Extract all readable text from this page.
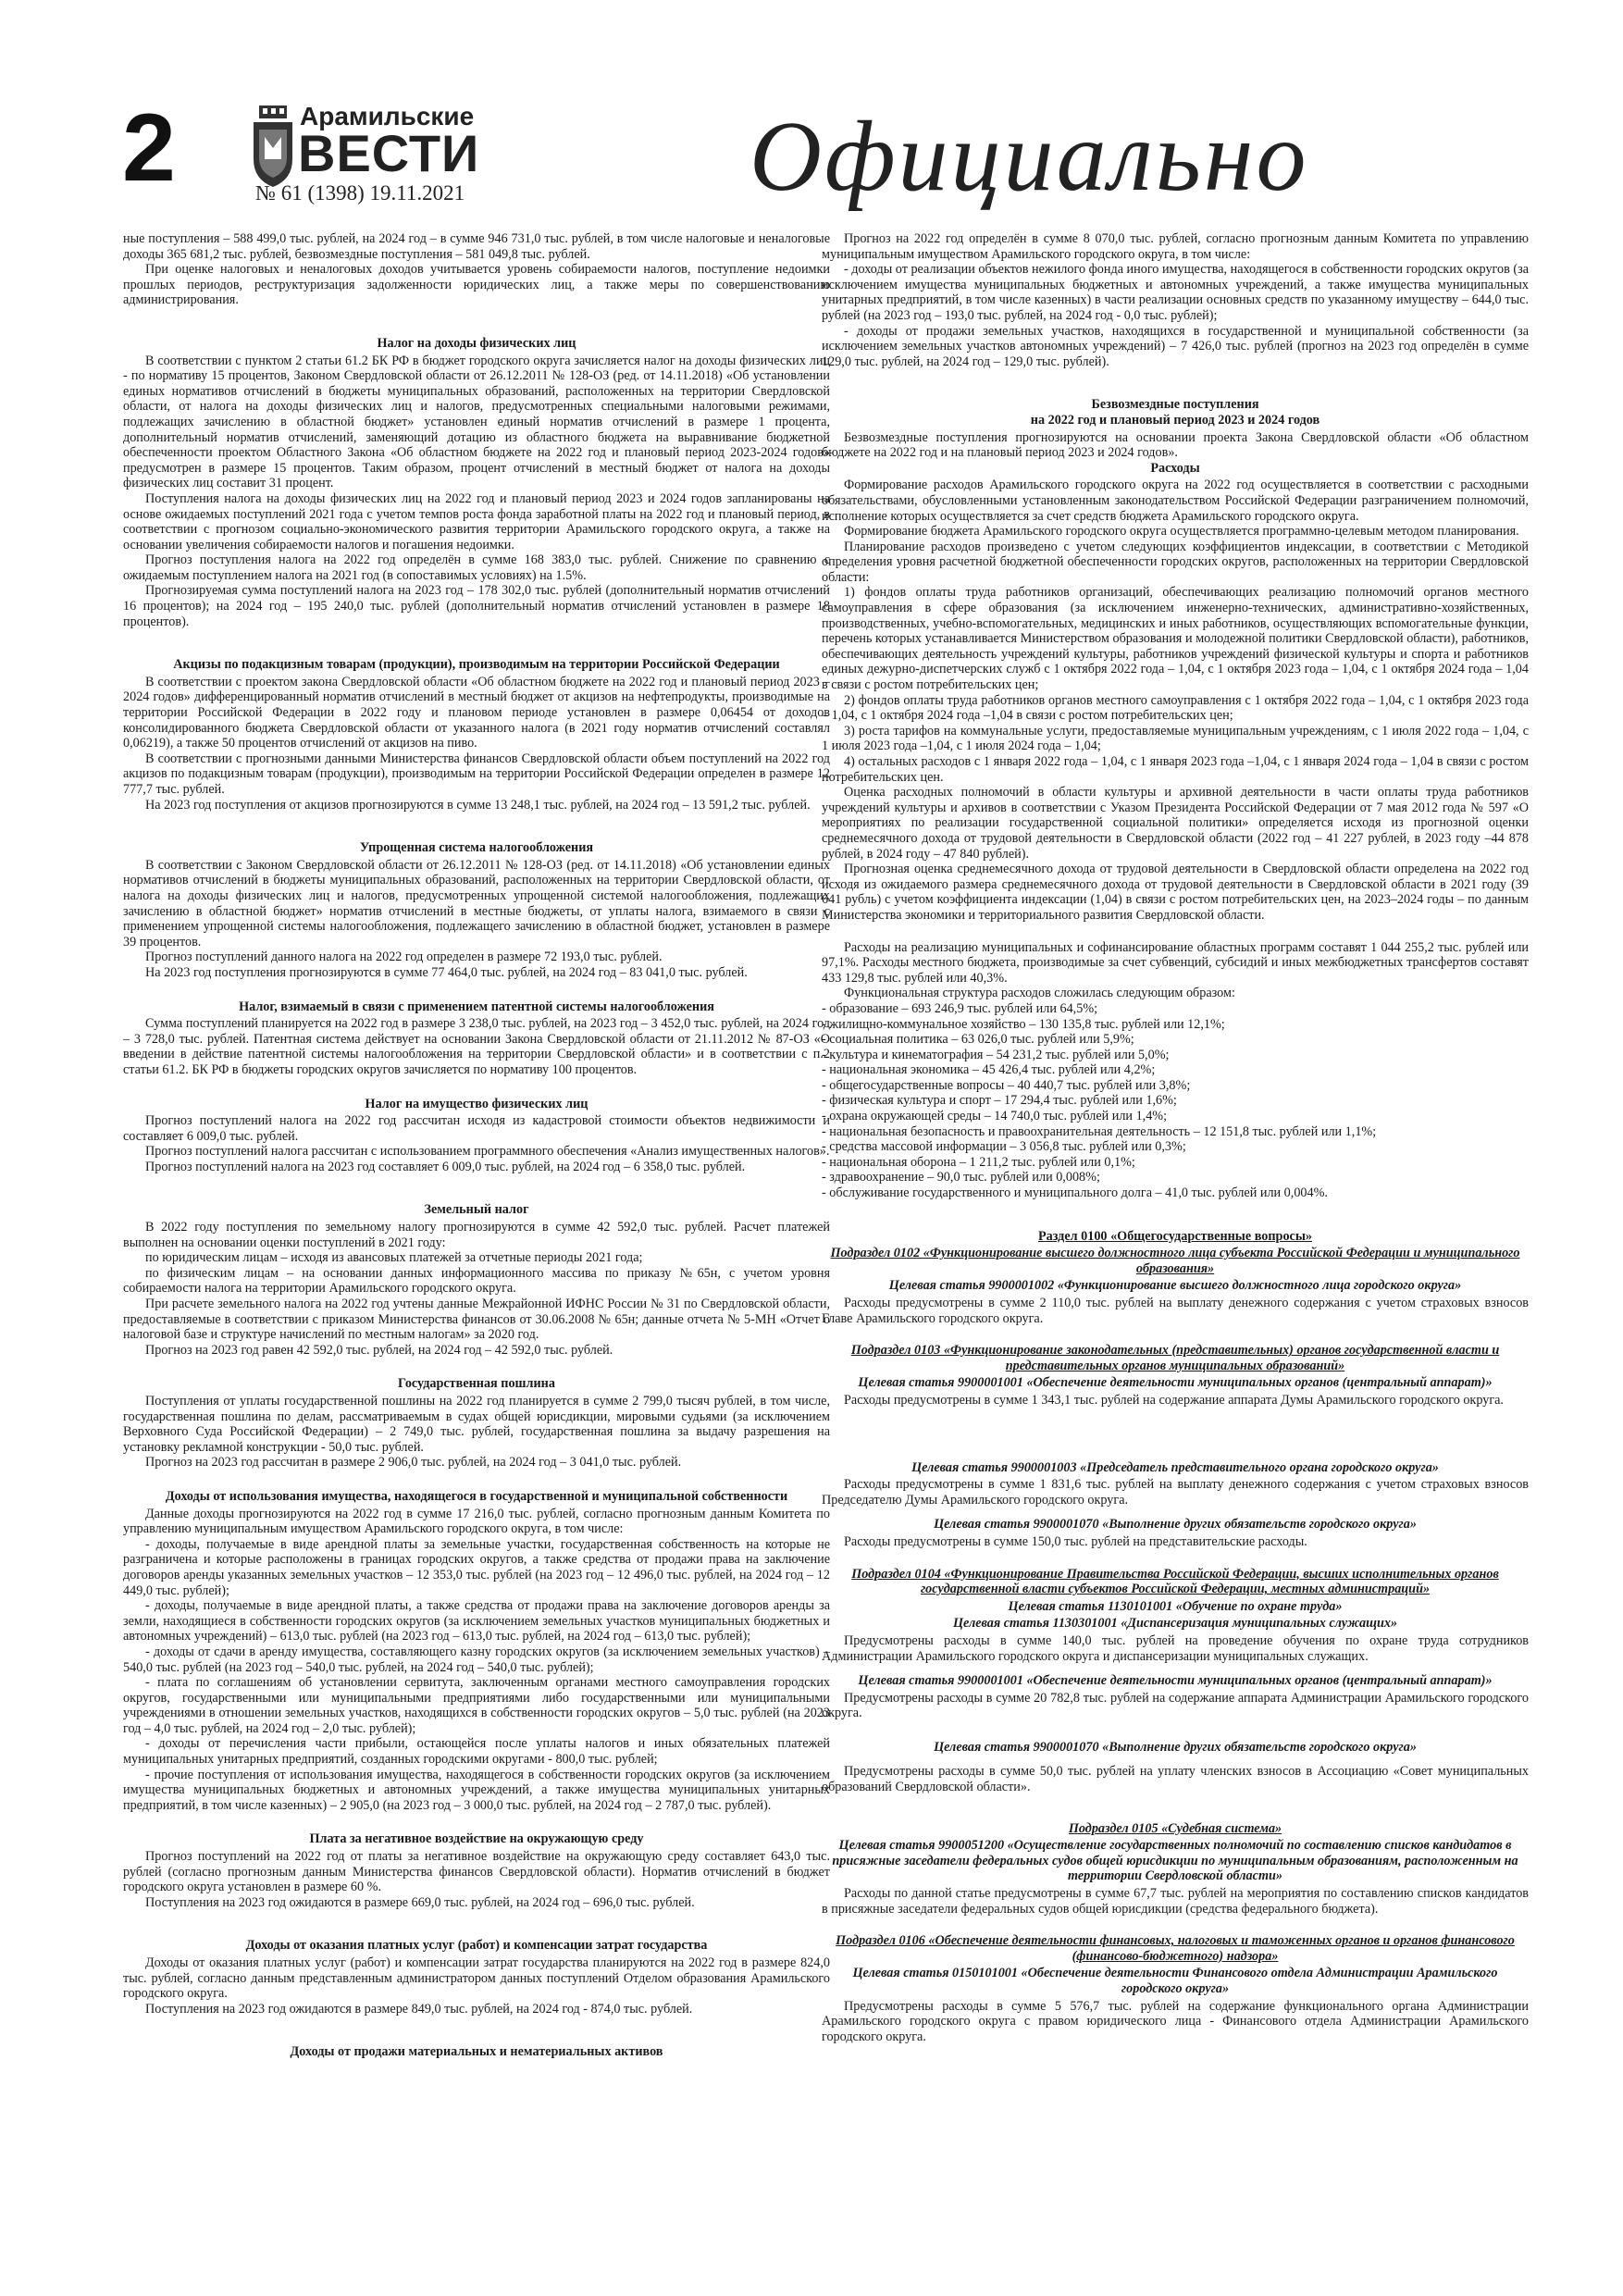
2	Арамильские
ВЕСТИ
№ 61 (1398) 19.11.2021	Официально

ные поступления – 588 499,0 тыс. рублей, на 2024 год – в сумме 946 731,0 тыс. рублей, в том числе налоговые и неналоговые доходы 365 681,2 тыс. рублей, безвозмездные поступления – 581 049,8 тыс. рублей.

При оценке налоговых и неналоговых доходов учитывается уровень собираемости налогов, поступление недоимки прошлых периодов, реструктуризация задолженности юридических лиц, а также меры по совершенствованию администрирования.

Налог на доходы физических лиц

В соответствии с пунктом 2 статьи 61.2 БК РФ в бюджет городского округа зачисляется налог на доходы физических лиц - по нормативу 15 процентов, Законом Свердловской области от 26.12.2011 № 128-ОЗ (ред. от 14.11.2018) «Об установлении единых нормативов отчислений в бюджеты муниципальных образований, расположенных на территории Свердловской области, от налога на доходы физических лиц и налогов, предусмотренных специальными налоговыми режимами, подлежащих зачислению в областной бюджет» установлен единый норматив отчислений в размере 1 процента, дополнительный норматив отчислений, заменяющий дотацию из областного бюджета на выравнивание бюджетной обеспеченности проектом Областного Закона «Об областном бюджете на 2022 год и плановый период 2023-2024 годов» предусмотрен в размере 15 процентов. Таким образом, процент отчислений в местный бюджет от налога на доходы физических лиц составит 31 процент.

Поступления налога на доходы физических лиц на 2022 год и плановый период 2023 и 2024 годов запланированы на основе ожидаемых поступлений 2021 года с учетом темпов роста фонда заработной платы на 2022 год и плановый период, в соответствии с прогнозом социально-экономического развития территории Арамильского городского округа, а также на основании увеличения собираемости налогов и погашения недоимки.

Прогноз поступления налога на 2022 год определён в сумме 168 383,0 тыс. рублей. Снижение по сравнению с ожидаемым поступлением налога на 2021 год (в сопоставимых условиях) на 1.5%.

Прогнозируемая сумма поступлений налога на 2023 год – 178 302,0 тыс. рублей (дополнительный норматив отчислений 16 процентов); на 2024 год – 195 240,0 тыс. рублей (дополнительный норматив отчислений установлен в размере 18 процентов).

Акцизы по подакцизным товарам (продукции), производимым на территории Российской Федерации

В соответствии с проектом закона Свердловской области «Об областном бюджете на 2022 год и плановый период 2023 – 2024 годов» дифференцированный норматив отчислений в местный бюджет от акцизов на нефтепродукты, производимые на территории Российской Федерации в 2022 году и плановом периоде установлен в размере 0,06454 от доходов консолидированного бюджета Свердловской области от указанного налога (в 2021 году норматив отчислений составлял 0,06219), а также 50 процентов отчислений от акцизов на пиво.

В соответствии с прогнозными данными Министерства финансов Свердловской области объем поступлений на 2022 год акцизов по подакцизным товарам (продукции), производимым на территории Российской Федерации определен в размере 12 777,7 тыс. рублей.

На 2023 год поступления от акцизов прогнозируются в сумме 13 248,1 тыс. рублей, на 2024 год – 13 591,2 тыс. рублей.

Упрощенная система налогообложения

В соответствии с Законом Свердловской области от 26.12.2011 № 128-ОЗ (ред. от 14.11.2018) «Об установлении единых нормативов отчислений в бюджеты муниципальных образований, расположенных на территории Свердловской области, от налога на доходы физических лиц и налогов, предусмотренных упрощенной системой налогообложения, подлежащих зачислению в областной бюджет» норматив отчислений в местные бюджеты, от уплаты налога, взимаемого в связи с применением упрощенной системы налогообложения, подлежащего зачислению в областной бюджет, установлен в размере 39 процентов.

Прогноз поступлений данного налога на 2022 год определен в размере 72 193,0 тыс. рублей.

На 2023 год поступления прогнозируются в сумме 77 464,0 тыс. рублей, на 2024 год – 83 041,0 тыс. рублей.

Налог, взимаемый в связи с применением патентной системы налогообложения

Сумма поступлений планируется на 2022 год в размере 3 238,0 тыс. рублей, на 2023 год – 3 452,0 тыс. рублей, на 2024 год – 3 728,0 тыс. рублей. Патентная система действует на основании Закона Свердловской области от 21.11.2012 № 87-ОЗ «О введении в действие патентной системы налогообложения на территории Свердловской области» и в соответствии с п.2 статьи 61.2. БК РФ в бюджеты городских округов зачисляется по нормативу 100 процентов.

Налог на имущество физических лиц

Прогноз поступлений налога на 2022 год рассчитан исходя из кадастровой стоимости объектов недвижимости и составляет 6 009,0 тыс. рублей.

Прогноз поступлений налога рассчитан с использованием программного обеспечения «Анализ имущественных налогов».

Прогноз поступлений налога на 2023 год составляет 6 009,0 тыс. рублей, на 2024 год – 6 358,0 тыс. рублей.

Земельный налог

В 2022 году поступления по земельному налогу прогнозируются в сумме 42 592,0 тыс. рублей. Расчет платежей выполнен на основании оценки поступлений в 2021 году:

по юридическим лицам – исходя из авансовых платежей за отчетные периоды 2021 года;

по физическим лицам – на основании данных информационного массива по приказу №65н, с учетом уровня собираемости налога на территории Арамильского городского округа.

При расчете земельного налога на 2022 год учтены данные Межрайонной ИФНС России № 31 по Свердловской области, предоставляемые в соответствии с приказом Министерства финансов от 30.06.2008 № 65н; данные отчета № 5-МН «Отчет о налоговой базе и структуре начислений по местным налогам» за 2020 год.

Прогноз на 2023 год равен 42 592,0 тыс. рублей, на 2024 год – 42 592,0 тыс. рублей.

Государственная пошлина

Поступления от уплаты государственной пошлины на 2022 год планируется в сумме 2 799,0 тысяч рублей, в том числе, государственная пошлина по делам, рассматриваемым в судах общей юрисдикции, мировыми судьями (за исключением Верховного Суда Российской Федерации) – 2 749,0 тыс. рублей, государственная пошлина за выдачу разрешения на установку рекламной конструкции - 50,0 тыс. рублей.

Прогноз на 2023 год рассчитан в размере 2 906,0 тыс. рублей, на 2024 год – 3 041,0 тыс. рублей.

Доходы от использования имущества, находящегося в государственной и муниципальной собственности

Данные доходы прогнозируются на 2022 год в сумме 17 216,0 тыс. рублей, согласно прогнозным данным Комитета по управлению муниципальным имуществом Арамильского городского округа, в том числе:

- доходы, получаемые в виде арендной платы за земельные участки, государственная собственность на которые не разграничена и которые расположены в границах городских округов, а также средства от продажи права на заключение договоров аренды указанных земельных участков – 12 353,0 тыс. рублей (на 2023 год – 12 496,0 тыс. рублей, на 2024 год – 12 449,0 тыс. рублей);

- доходы, получаемые в виде арендной платы, а также средства от продажи права на заключение договоров аренды за земли, находящиеся в собственности городских округов (за исключением земельных участков муниципальных бюджетных и автономных учреждений) – 613,0 тыс. рублей (на 2023 год – 613,0 тыс. рублей, на 2024 год – 613,0 тыс. рублей);

- доходы от сдачи в аренду имущества, составляющего казну городских округов (за исключением земельных участков) – 540,0 тыс. рублей (на 2023 год – 540,0 тыс. рублей, на 2024 год – 540,0 тыс. рублей);

- плата по соглашениям об установлении сервитута, заключенным органами местного самоуправления городских округов, государственными или муниципальными предприятиями либо государственными или муниципальными учреждениями в отношении земельных участков, находящихся в собственности городских округов – 5,0 тыс. рублей (на 2023 год – 4,0 тыс. рублей, на 2024 год – 2,0 тыс. рублей);

- доходы от перечисления части прибыли, остающейся после уплаты налогов и иных обязательных платежей муниципальных унитарных предприятий, созданных городскими округами - 800,0 тыс. рублей;

- прочие поступления от использования имущества, находящегося в собственности городских округов (за исключением имущества муниципальных бюджетных и автономных учреждений, а также имущества муниципальных унитарных предприятий, в том числе казенных) – 2 905,0 (на 2023 год – 3 000,0 тыс. рублей, на 2024 год – 2 787,0 тыс. рублей).

Плата за негативное воздействие на окружающую среду

Прогноз поступлений на 2022 год от платы за негативное воздействие на окружающую среду составляет 643,0 тыс. рублей (согласно прогнозным данным Министерства финансов Свердловской области). Норматив отчислений в бюджет городского округа установлен в размере 60 %.

Поступления на 2023 год ожидаются в размере 669,0 тыс. рублей, на 2024 год – 696,0 тыс. рублей.

Доходы от оказания платных услуг (работ) и компенсации затрат государства

Доходы от оказания платных услуг (работ) и компенсации затрат государства планируются на 2022 год в размере 824,0 тыс. рублей, согласно данным представленным администратором данных поступлений Отделом образования Арамильского городского округа.

Поступления на 2023 год ожидаются в размере 849,0 тыс. рублей, на 2024 год - 874,0 тыс. рублей.

Доходы от продажи материальных и нематериальных активов

Прогноз на 2022 год определён в сумме 8 070,0 тыс. рублей, согласно прогнозным данным Комитета по управлению муниципальным имуществом Арамильского городского округа, в том числе:

- доходы от реализации объектов нежилого фонда иного имущества, находящегося в собственности городских округов (за исключением имущества муниципальных бюджетных и автономных учреждений, а также имущества муниципальных унитарных предприятий, в том числе казенных) в части реализации основных средств по указанному имуществу – 644,0 тыс. рублей (на 2023 год – 193,0 тыс. рублей, на 2024 год - 0,0 тыс. рублей);

- доходы от продажи земельных участков, находящихся в государственной и муниципальной собственности (за исключением земельных участков автономных учреждений) – 7 426,0 тыс. рублей (прогноз на 2023 год определён в сумме 129,0 тыс. рублей, на 2024 год – 129,0 тыс. рублей).

Безвозмездные поступления
на 2022 год и плановый период 2023 и 2024 годов

Безвозмездные поступления прогнозируются на основании проекта Закона Свердловской области «Об областном бюджете на 2022 год и на плановый период 2023 и 2024 годов».

Расходы

Формирование расходов Арамильского городского округа на 2022 год осуществляется в соответствии с расходными обязательствами, обусловленными установленным законодательством Российской Федерации разграничением полномочий, исполнение которых осуществляется за счет средств бюджета Арамильского городского округа.

Формирование бюджета Арамильского городского округа осуществляется программно-целевым методом планирования.

Планирование расходов произведено с учетом следующих коэффициентов индексации, в соответствии с Методикой определения уровня расчетной бюджетной обеспеченности городских округов, расположенных на территории Свердловской области:

1) фондов оплаты труда работников организаций, обеспечивающих реализацию полномочий органов местного самоуправления в сфере образования (за исключением инженерно-технических, административно-хозяйственных, производственных, учебно-вспомогательных, медицинских и иных работников, осуществляющих вспомогательные функции, перечень которых устанавливается Министерством образования и молодежной политики Свердловской области), работников, обеспечивающих деятельность учреждений культуры, работников учреждений физической культуры и спорта и работников единых дежурно-диспетчерских служб с 1 октября 2022 года – 1,04, с 1 октября 2023 года – 1,04, с 1 октября 2024 года – 1,04 в связи с ростом потребительских цен;

2) фондов оплаты труда работников органов местного самоуправления с 1 октября 2022 года – 1,04, с 1 октября 2023 года – 1,04, с 1 октября 2024 года –1,04 в связи с ростом потребительских цен;

3) роста тарифов на коммунальные услуги, предоставляемые муниципальным учреждениям, с 1 июля 2022 года – 1,04, с 1 июля 2023 года –1,04, с 1 июля 2024 года – 1,04;

4) остальных расходов с 1 января 2022 года – 1,04, с 1 января 2023 года –1,04, с 1 января 2024 года – 1,04 в связи с ростом потребительских цен.

Оценка расходных полномочий в области культуры и архивной деятельности в части оплаты труда работников учреждений культуры и архивов в соответствии с Указом Президента Российской Федерации от 7 мая 2012 года № 597 «О мероприятиях по реализации государственной социальной политики» определяется исходя из прогнозной оценки среднемесячного дохода от трудовой деятельности в Свердловской области (2022 год – 41 227 рублей, в 2023 году –44 878 рублей, в 2024 году – 47 840 рублей).

Прогнозная оценка среднемесячного дохода от трудовой деятельности в Свердловской области определена на 2022 год исходя из ожидаемого размера среднемесячного дохода от трудовой деятельности в Свердловской области в 2021 году (39 641 рубль) с учетом коэффициента индексации (1,04) в связи с ростом потребительских цен, на 2023–2024 годы – по данным Министерства экономики и территориального развития Свердловской области.

Расходы на реализацию муниципальных и софинансирование областных программ составят 1 044 255,2 тыс. рублей или 97,1%. Расходы местного бюджета, производимые за счет субвенций, субсидий и иных межбюджетных трансфертов составят 433 129,8 тыс. рублей или 40,3%.

Функциональная структура расходов сложилась следующим образом:

- образование – 693 246,9 тыс. рублей или 64,5%;

- жилищно-коммунальное хозяйство – 130 135,8 тыс. рублей или 12,1%;

- социальная политика – 63 026,0 тыс. рублей или 5,9%;

- культура и кинематография – 54 231,2 тыс. рублей или 5,0%;

- национальная экономика – 45 426,4 тыс. рублей или 4,2%;

- общегосударственные вопросы – 40 440,7 тыс. рублей или 3,8%;

- физическая культура и спорт – 17 294,4 тыс. рублей или 1,6%;

- охрана окружающей среды – 14 740,0 тыс. рублей или 1,4%;

- национальная безопасность и правоохранительная деятельность – 12 151,8 тыс. рублей или 1,1%;

- средства массовой информации – 3 056,8 тыс. рублей или 0,3%;

- национальная оборона – 1 211,2 тыс. рублей или 0,1%;

- здравоохранение – 90,0 тыс. рублей или 0,008%;

- обслуживание государственного и муниципального долга – 41,0 тыс. рублей или 0,004%.

Раздел 0100 «Общегосударственные вопросы»
Подраздел 0102 «Функционирование высшего должностного лица субъекта Российской Федерации и муниципального образования»
Целевая статья 9900001002 «Функционирование высшего должностного лица городского округа»

Расходы предусмотрены в сумме 2 110,0 тыс. рублей на выплату денежного содержания с учетом страховых взносов Главе Арамильского городского округа.

Подраздел 0103 «Функционирование законодательных (представительных) органов государственной власти и представительных органов муниципальных образований»
Целевая статья 9900001001 «Обеспечение деятельности муниципальных органов (центральный аппарат)»

Расходы предусмотрены в сумме 1 343,1 тыс. рублей на содержание аппарата Думы Арамильского городского округа.

Целевая статья 9900001003 «Председатель представительного органа городского округа»

Расходы предусмотрены в сумме 1 831,6 тыс. рублей на выплату денежного содержания с учетом страховых взносов Председателю Думы Арамильского городского округа.

Целевая статья 9900001070 «Выполнение других обязательств городского округа»

Расходы предусмотрены в сумме 150,0 тыс. рублей на представительские расходы.

Подраздел 0104 «Функционирование Правительства Российской Федерации, высших исполнительных органов государственной власти субъектов Российской Федерации, местных администраций»
Целевая статья 1130101001 «Обучение по охране труда»
Целевая статья 1130301001 «Диспансеризация муниципальных служащих»

Предусмотрены расходы в сумме 140,0 тыс. рублей на проведение обучения по охране труда сотрудников Администрации Арамильского городского округа и диспансеризации муниципальных служащих.

Целевая статья 9900001001 «Обеспечение деятельности муниципальных органов (центральный аппарат)»

Предусмотрены расходы в сумме 20 782,8 тыс. рублей на содержание аппарата Администрации Арамильского городского округа.

Целевая статья 9900001070 «Выполнение других обязательств городского округа»

Предусмотрены расходы в сумме 50,0 тыс. рублей на уплату членских взносов в Ассоциацию «Совет муниципальных образований Свердловской области».

Подраздел 0105 «Судебная система»
Целевая статья 9900051200 «Осуществление государственных полномочий по составлению списков кандидатов в присяжные заседатели федеральных судов общей юрисдикции по муниципальным образованиям, расположенным на территории Свердловской области»

Расходы по данной статье предусмотрены в сумме 67,7 тыс. рублей на мероприятия по составлению списков кандидатов в присяжные заседатели федеральных судов общей юрисдикции (средства федерального бюджета).

Подраздел 0106 «Обеспечение деятельности финансовых, налоговых и таможенных органов и органов финансового (финансово-бюджетного) надзора»
Целевая статья 0150101001 «Обеспечение деятельности Финансового отдела Администрации Арамильского городского округа»

Предусмотрены расходы в сумме 5 576,7 тыс. рублей на содержание функционального органа Администрации Арамильского городского округа с правом юридического лица - Финансового отдела Администрации Арамильского городского округа.
